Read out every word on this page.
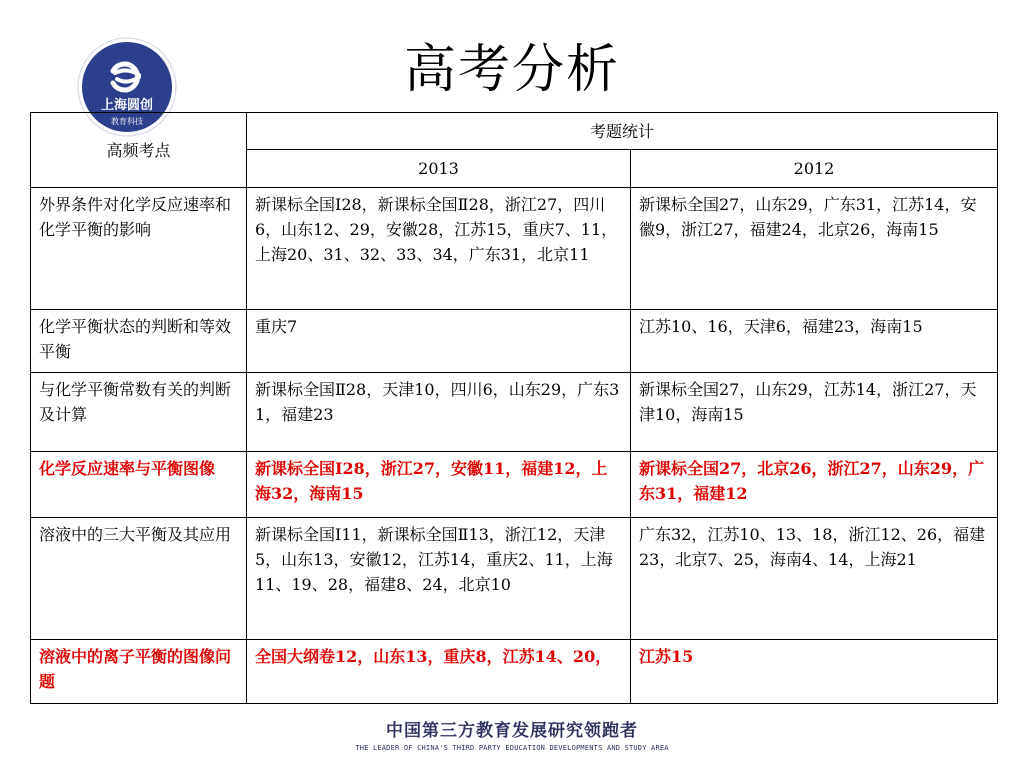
上海圆创
教育科技
高考分析
高频考点	考题统计	
	2013	2012
外界条件对化学反应速率和化学平衡的影响	新课标全国Ⅰ28，新课标全国Ⅱ28，浙江27，四川6，山东12、29，安徽28，江苏15，重庆7、11，上海20、31、32、33、34，广东31，北京11	新课标全国27，山东29，广东31，江苏14，安徽9，浙江27，福建24，北京26，海南15
化学平衡状态的判断和等效平衡	重庆7	江苏10、16，天津6，福建23，海南15
与化学平衡常数有关的判断及计算	新课标全国Ⅱ28，天津10，四川6，山东29，广东31，福建23	新课标全国27，山东29，江苏14，浙江27，天津10，海南15
化学反应速率与平衡图像	新课标全国Ⅰ28，浙江27，安徽11，福建12，上海32，海南15	新课标全国27，北京26，浙江27，山东29，广东31，福建12
溶液中的三大平衡及其应用	新课标全国Ⅰ11，新课标全国Ⅱ13，浙江12，天津5，山东13，安徽12，江苏14，重庆2、11，上海11、19、28，福建8、24，北京10	广东32，江苏10、13、18，浙江12、26，福建23，北京7、25，海南4、14，上海21
溶液中的离子平衡的图像问题	全国大纲卷12，山东13，重庆8，江苏14、20，	江苏15
中国第三方教育发展研究领跑者
THE LEADER OF CHINA'S THIRD PARTY EDUCATION DEVELOPMENTS AND STUDY AREA
